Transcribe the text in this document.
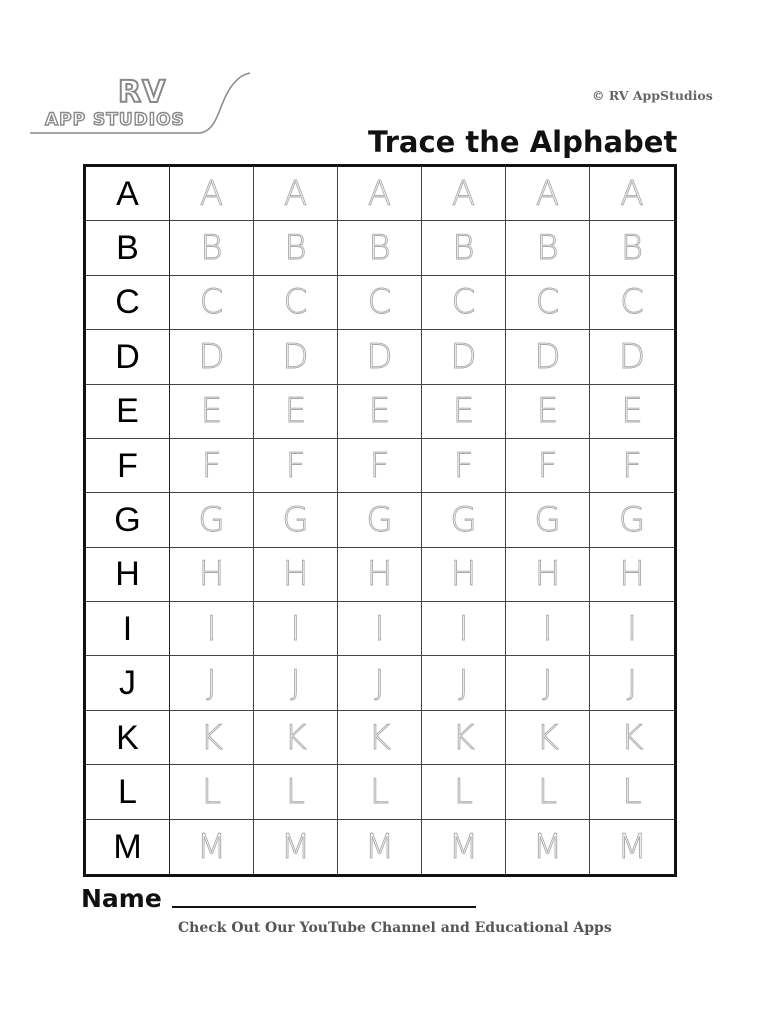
RV
APP STUDIOS
© RV AppStudios
Trace the Alphabet
A A A A A A A
B B B B B B B
C C C C C C C
D D D D D D D
E E E E E E E
F F F F F F F
G G G G G G G
H H H H H H H
I I I I I I I
J J J J J J J
K K K K K K K
L L L L L L L
M M M M M M M
Name
Check Out Our YouTube Channel and Educational Apps
